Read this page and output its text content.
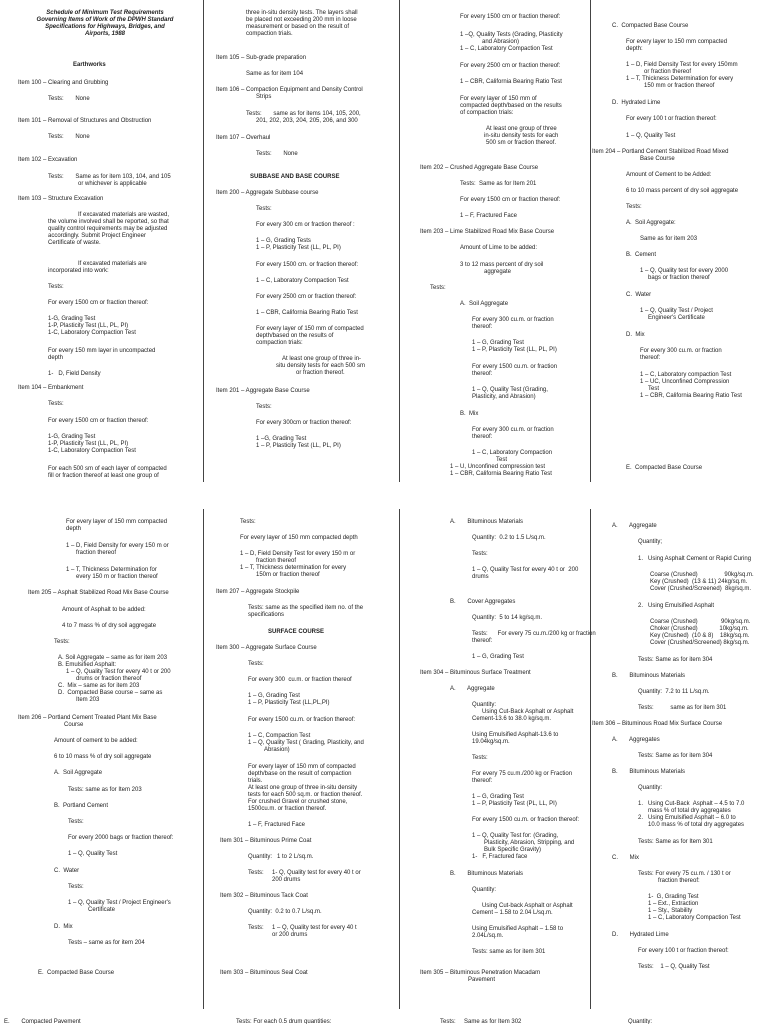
Schedule of Minimum Test Requirements
Governing Items of Work of the DPWH Standard
Specifications for Highways, Bridges, and
Airports, 1988
Earthworks
Item 100 – Clearing and Grubbing
Tests:       None
Item 101 – Removal of Structures and Obstruction
Tests:       None
Item 102 – Excavation
Tests:       Same as for item 103, 104, and 105
or whichever is applicable
Item 103 – Structure Excavation
If excavated materials are wasted,
the volume involved shall be reported, so that
quality control requirements may be adjusted
accordingly. Submit Project Engineer
Certificate of waste.
If excavated materials are
incorporated into work:
Tests:
For every 1500 cm or fraction thereof:
1-G, Grading Test
1-P, Plasticity Test (LL, PL, PI)
1-C, Laboratory Compaction Test
For every 150 mm layer in uncompacted
depth
1-   D, Field Density
Item 104 – Embankment
Tests:
For every 1500 cm or fraction thereof:
1-G, Grading Test
1-P, Plasticity Test (LL, PL, PI)
1-C, Laboratory Compaction Test
For each 500 sm of each layer of compacted
fill or fraction thereof at least one group of
three in-situ density tests. The layers shall
be placed not exceeding 200 mm in loose
measurement or based on the result of
compaction trials.
Item 105 – Sub-grade preparation
Same as for item 104
Item 106 – Compaction Equipment and Density Control
Strips
Tests:       same as for items 104, 105, 200,
201, 202, 203, 204, 205, 206, and 300
Item 107 – Overhaul
Tests:       None
SUBBASE AND BASE COURSE
Item 200 – Aggregate Subbase course
Tests:
For every 300 cm or fraction thereof :
1 – G, Grading Tests
1 – P, Plasticity Test (LL, PL, PI)
For every 1500 cm. or fraction thereof:
1 – C, Laboratory Compaction Test
For every 2500 cm or fraction thereof:
1 – CBR, California Bearing Ratio Test
For every layer of 150 mm of compacted
depth/based on the results of
compaction trials:
At least one group of three in-
situ density tests for each 500 sm
or fraction thereof.
Item 201 – Aggregate Base Course
Tests:
For every 300cm or fraction thereof:
1 –G, Grading Test
1 – P, Plasticity Test (LL, PL, PI)
For every 1500 cm or fraction thereof:
1 –Q, Quality Tests (Grading, Plasticity
and Abrasion)
1 – C, Laboratory Compaction Test
For every 2500 cm or fraction thereof:
1 – CBR, California Bearing Ratio Test
For every layer of 150 mm of
compacted depth/based on the results
of compaction trials:
At least one group of three
in-situ density tests for each
500 sm or fraction thereof.
Item 202 – Crushed Aggregate Base Course
Tests:  Same as for Item 201
For every 1500 cm or fraction thereof:
1 – F, Fractured Face
Item 203 – Lime Stabilized Road Mix Base Course
Amount of Lime to be added:
3 to 12 mass percent of dry soil
aggregate
Tests:
A.  Soil Aggregate
For every 300 cu.m. or fraction
thereof:
1 – G, Grading Test
1 – P, Plasticity Test (LL, PL, PI)
For every 1500 cu.m. or fraction
thereof:
1 – Q, Quality Test (Grading,
Plasticity, and Abrasion)
B.  Mix
For every 300 cu.m. or fraction
thereof:
1 – C, Laboratory Compaction
Test
1 – U, Unconfined compression test
1 – CBR, California Bearing Ratio Test
C.  Compacted Base Course
For every layer to 150 mm compacted
depth:
1 – D, Field Density Test for every 150mm
or fraction thereof
1 – T, Thickness Determination for every
150 mm or fraction thereof
D.  Hydrated Lime
For every 100 t or fraction thereof:
1 – Q, Quality Test
Item 204 – Portland Cement Stabilized Road Mixed
Base Course
Amount of Cement to be Added:
6 to 10 mass percent of dry soil aggregate
Tests:
A.  Soil Aggregate:
Same as for item 203
B.  Cement
1 – Q, Quality test for every 2000
bags or fraction thereof
C.  Water
1 – Q, Quality Test / Project
Engineer's Certificate
D.  Mix
For every 300 cu.m. or fraction
thereof:
1 – C, Laboratory compaction Test
1 – UC, Unconfined Compression
Test
1 – CBR, California Bearing Ratio Test
E.  Compacted Base Course
For every layer of 150 mm compacted
depth
1 – D, Field Density for every 150 m or
fraction thereof
1 – T, Thickness Determination for
every 150 m or fraction thereof
Item 205 – Asphalt Stabilized Road Mix Base Course
Amount of Asphalt to be added:
4 to 7 mass % of dry soil aggregate
Tests:
A. Soil Aggregate – same as for item 203
B. Emulsified Asphalt:
1 – Q, Quality Test for every 40 t or 200
drums or fraction thereof
C.  Mix – same as for item 203
D.  Compacted Base course – same as
Item 203
Item 206 – Portland Cement Treated Plant Mix Base
Course
Amount of cement to be added:
6 to 10 mass % of dry soil aggregate
A.  Soil Aggregate
Tests: same as for Item 203
B.  Portland Cement
Tests:
For every 2000 bags or fraction thereof:
1 – Q, Quality Test
C.  Water
Tests:
1 – Q, Quality Test / Project Engineer's
Certificate
D.  Mix
Tests – same as for item 204
E.  Compacted Base Course
Tests:
For every layer of 150 mm compacted depth
1 – D, Field Density Test for every 150 m or
fraction thereof
1 – T, Thickness determination for every
150m or fraction thereof
Item 207 – Aggregate Stockpile
Tests: same as the specified item no. of the
specifications
SURFACE COURSE
Item 300 – Aggregate Surface Course
Tests:
For every 300  cu.m. or fraction thereof
1 – G, Grading Test
1 – P, Plasticity Test (LL,PL,PI)
For every 1500 cu.m. or fraction thereof:
1 – C, Compaction Test
1 – Q, Quality Test ( Grading, Plasticity, and
Abrasion)
For every layer of 150 mm of compacted
depth/base on the result of compaction
trials.
At least one group of three in-situ density
tests for each 500 sq.m. or fraction thereof.
For crushed Gravel or crushed stone,
1500cu.m. or fraction thereof.
1 – F, Fractured Face
Item 301 – Bituminous Prime Coat
Quantity:   1 to 2 L/sq.m.
Tests:     1- Q, Quality test for every 40 t or
200 drums
Item 302 – Bituminous Tack Coat
Quantity:  0.2 to 0.7 L/sq.m.
Tests:     1 – Q, Quality test for every 40 t
or 200 drums
Item 303 – Bituminous Seal Coat
A.       Bituminous Materials
Quantity:  0.2 to 1.5 L/sq.m.
Tests:
1 – Q, Quality Test for every 40 t or  200
drums
B.       Cover Aggregates
Quantity:  5 to 14 kg/sq.m.
Tests:      For every 75 cu.m./200 kg or fraction
thereof:
1 – G, Grading Test
Item 304 – Bituminous Surface Treatment
A.       Aggregate
Quantity:
Using Cut-Back Asphalt or Asphalt
Cement-13.6 to 38.0 kg/sq.m.
Using Emulsified Asphalt-13.6 to
19.04kg/sq.m.
Tests:
For every 75 cu.m./200 kg or Fraction
thereof:
1 – G, Grading Test
1 – P, Plasticity Test (PL, LL, PI)
For every 1500 cu.m. or fraction thereof:
1 – Q, Quality Test for: (Grading,
Plasticity, Abrasion, Stripping, and
Bulk Specific Gravity)
1-   F, Fractured face
B.       Bituminous Materials
Quantity:
Using Cut-back Asphalt or Asphalt
Cement – 1.58 to 2.04 L/sq.m.
Using Emulsified Asphalt – 1.58 to
2.04L/sq.m.
Tests: same as for item 301
Item 305 – Bituminous Penetration Macadam
Pavement
A.       Aggregate
Quantity;
1.   Using Asphalt Cement or Rapid Curing
Coarse (Crushed)                90kg/sq.m.
Key (Crushed)  (13 & 11) 24kg/sq.m.
Cover (Crushed/Screened)  8kg/sq.m.
2.   Using Emulsified Asphalt
Coarse (Crushed)              90kg/sq.m.
Choker (Crushed)             10kg/sq.m.
Key (Crushed)  (10 & 8)    18kg/sq.m.
Cover (Crushed/Screened) 8kg/sq.m.
Tests: Same as for item 304
B.       Bituminous Materials
Quantity:  7.2 to 11 L/sq.m.
Tests:          same as for item 301
Item 306 – Bituminous Road Mix Surface Course
A.       Aggregates
Tests: Same as for item 304
B.       Bituminous Materials
Quantity:
1.   Using Cut-Back  Asphalt – 4.5 to 7.0
mass % of total dry aggregates
2.   Using Emulsified Asphalt – 6.0 to
10.0 mass % of total dry aggregates
Tests: Same as for Item 301
C.       Mix
Tests: For every 75 cu.m. / 130 t or
fraction thereof:
1-  G, Grading Test
1 – Ext., Extraction
1 – Sty., Stability
1 – C, Laboratory Compaction Test
D.       Hydrated Lime
For every 100 t or fraction thereof:
Tests:    1 – Q, Quality Test
E.       Compacted Pavement	Tests: For each 0.5 drum quantities:	Tests:     Same as for Item 302	Quantity:
